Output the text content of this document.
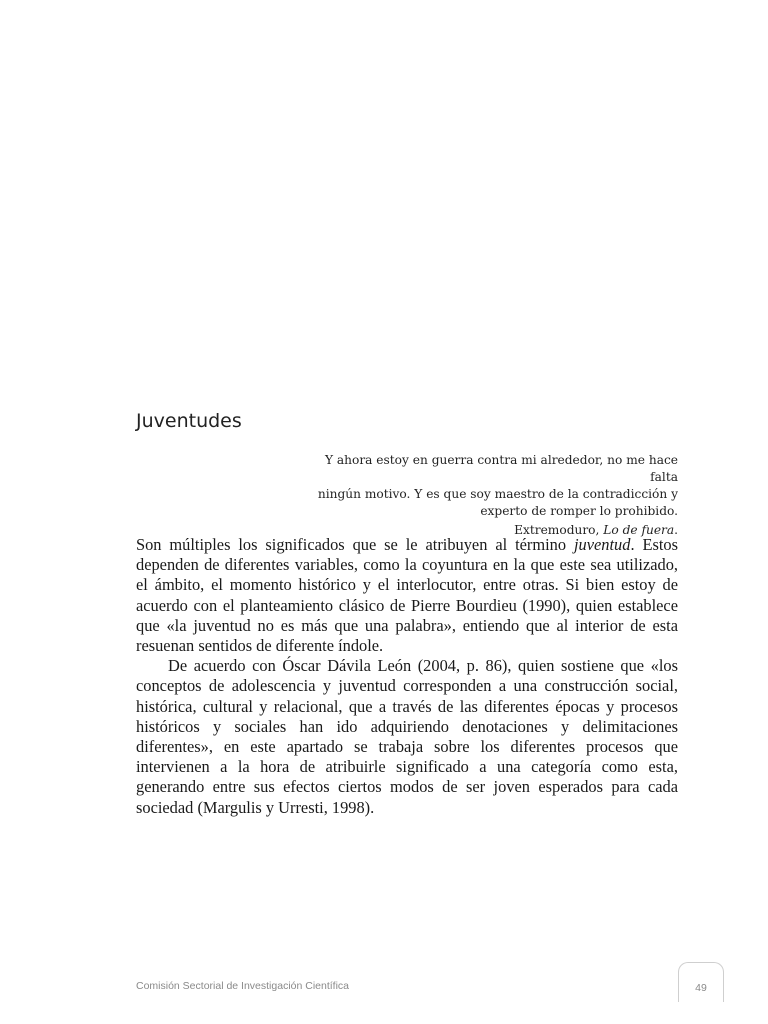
Juventudes

Y ahora estoy en guerra contra mi alrededor, no me hace falta

ningún motivo. Y es que soy maestro de la contradicción y

experto de romper lo prohibido.

Extremoduro, Lo de fuera.

Son múltiples los significados que se le atribuyen al término juventud. Estos dependen de diferentes variables, como la coyuntura en la que este sea utilizado, el ámbito, el momento histórico y el interlocutor, entre otras. Si bien estoy de acuerdo con el planteamiento clásico de Pierre Bourdieu (1990), quien establece que «la juventud no es más que una palabra», entiendo que al interior de esta resuenan sentidos de diferente índole.

De acuerdo con Óscar Dávila León (2004, p. 86), quien sostiene que «los conceptos de adolescencia y juventud corresponden a una construcción social, histórica, cultural y relacional, que a través de las diferentes épocas y procesos históricos y sociales han ido adquiriendo denotaciones y delimitaciones diferentes», en este apartado se trabaja sobre los diferentes procesos que intervienen a la hora de atribuirle significado a una categoría como esta, generando entre sus efectos ciertos modos de ser joven esperados para cada sociedad (Margulis y Urresti, 1998).

Comisión Sectorial de Investigación Científica	49
